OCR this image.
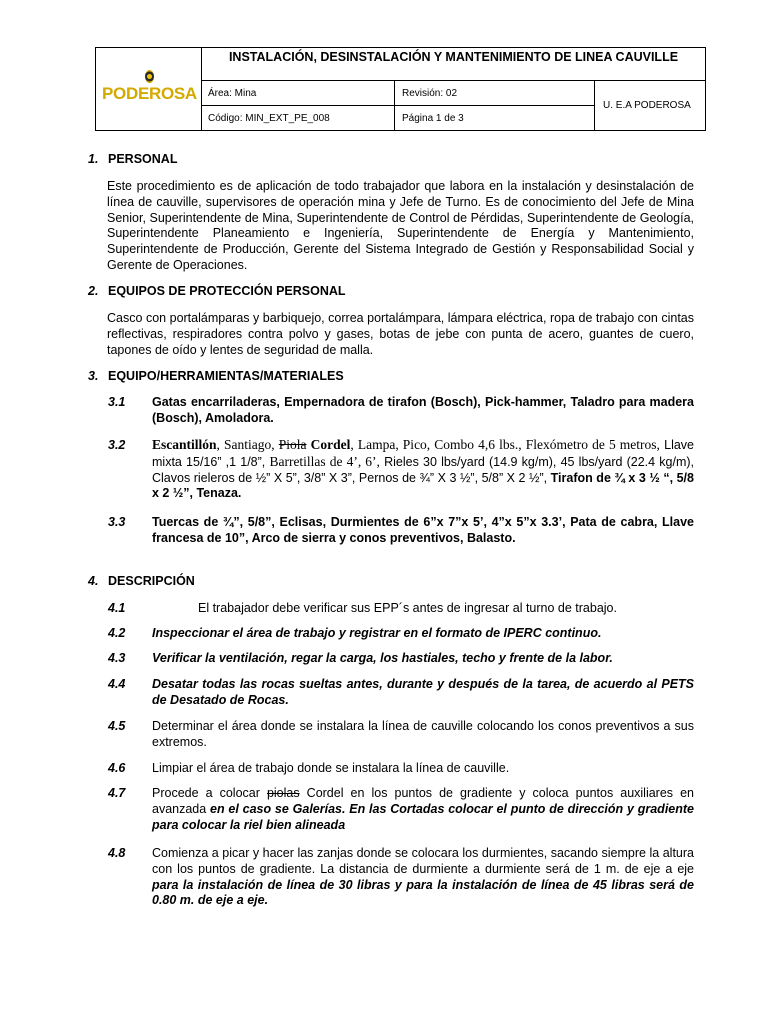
PODEROSA
INSTALACIÓN, DESINSTALACIÓN Y MANTENIMIENTO DE LINEA CAUVILLE
Área: Mina	Revisión: 02
Código: MIN_EXT_PE_008	Página 1 de 3
U. E.A PODEROSA
1. PERSONAL
Este procedimiento es de aplicación de todo trabajador que labora en la instalación y desinstalación de línea de cauville, supervisores de operación mina y Jefe de Turno. Es de conocimiento del Jefe de Mina Senior, Superintendente de Mina, Superintendente de Control de Pérdidas, Superintendente de Geología, Superintendente Planeamiento e Ingeniería, Superintendente de Energía y Mantenimiento, Superintendente de Producción, Gerente del Sistema Integrado de Gestión y Responsabilidad Social y Gerente de Operaciones.
2. EQUIPOS DE PROTECCIÓN PERSONAL
Casco con portalámparas y barbiquejo, correa portalámpara, lámpara eléctrica, ropa de trabajo con cintas reflectivas, respiradores contra polvo y gases, botas de jebe con punta de acero, guantes de cuero, tapones de oído y lentes de seguridad de malla.
3. EQUIPO/HERRAMIENTAS/MATERIALES
3.1 Gatas encarriladeras, Empernadora de tirafon (Bosch), Pick-hammer, Taladro para madera (Bosch), Amoladora.
3.2 Escantillón, Santiago, Piola Cordel, Lampa, Pico, Combo 4,6 lbs., Flexómetro de 5 metros, Llave mixta 15/16” ,1 1/8”, Barretillas de 4’, 6’, Rieles 30 lbs/yard (14.9 kg/m), 45 lbs/yard (22.4 kg/m), Clavos rieleros de ½” X 5”, 3/8” X 3”, Pernos de ¾” X 3 ½”, 5/8” X 2 ½”, Tirafon de ¾ x 3 ½ “, 5/8 x 2 ½”, Tenaza.
3.3 Tuercas de ¾”, 5/8”, Eclisas, Durmientes de 6”x 7”x 5’, 4”x 5”x 3.3’, Pata de cabra, Llave francesa de 10”, Arco de sierra y conos preventivos, Balasto.
4. DESCRIPCIÓN
4.1	El trabajador debe verificar sus EPP´s antes de ingresar al turno de trabajo.
4.2 Inspeccionar el área de trabajo y registrar en el formato de IPERC continuo.
4.3 Verificar la ventilación, regar la carga, los hastiales, techo y frente de la labor.
4.4 Desatar todas las rocas sueltas antes, durante y después de la tarea, de acuerdo al PETS de Desatado de Rocas.
4.5 Determinar el área donde se instalara la línea de cauville colocando los conos preventivos a sus extremos.
4.6 Limpiar el área de trabajo donde se instalara la línea de cauville.
4.7 Procede a colocar piolas Cordel en los puntos de gradiente y coloca puntos auxiliares en avanzada en el caso se Galerías. En las Cortadas colocar el punto de dirección y gradiente para colocar la riel bien alineada
4.8 Comienza a picar y hacer las zanjas donde se colocara los durmientes, sacando siempre la altura con los puntos de gradiente. La distancia de durmiente a durmiente será de 1 m. de eje a eje para la instalación de línea de 30 libras y para la instalación de línea de 45 libras será de 0.80 m. de eje a eje.
